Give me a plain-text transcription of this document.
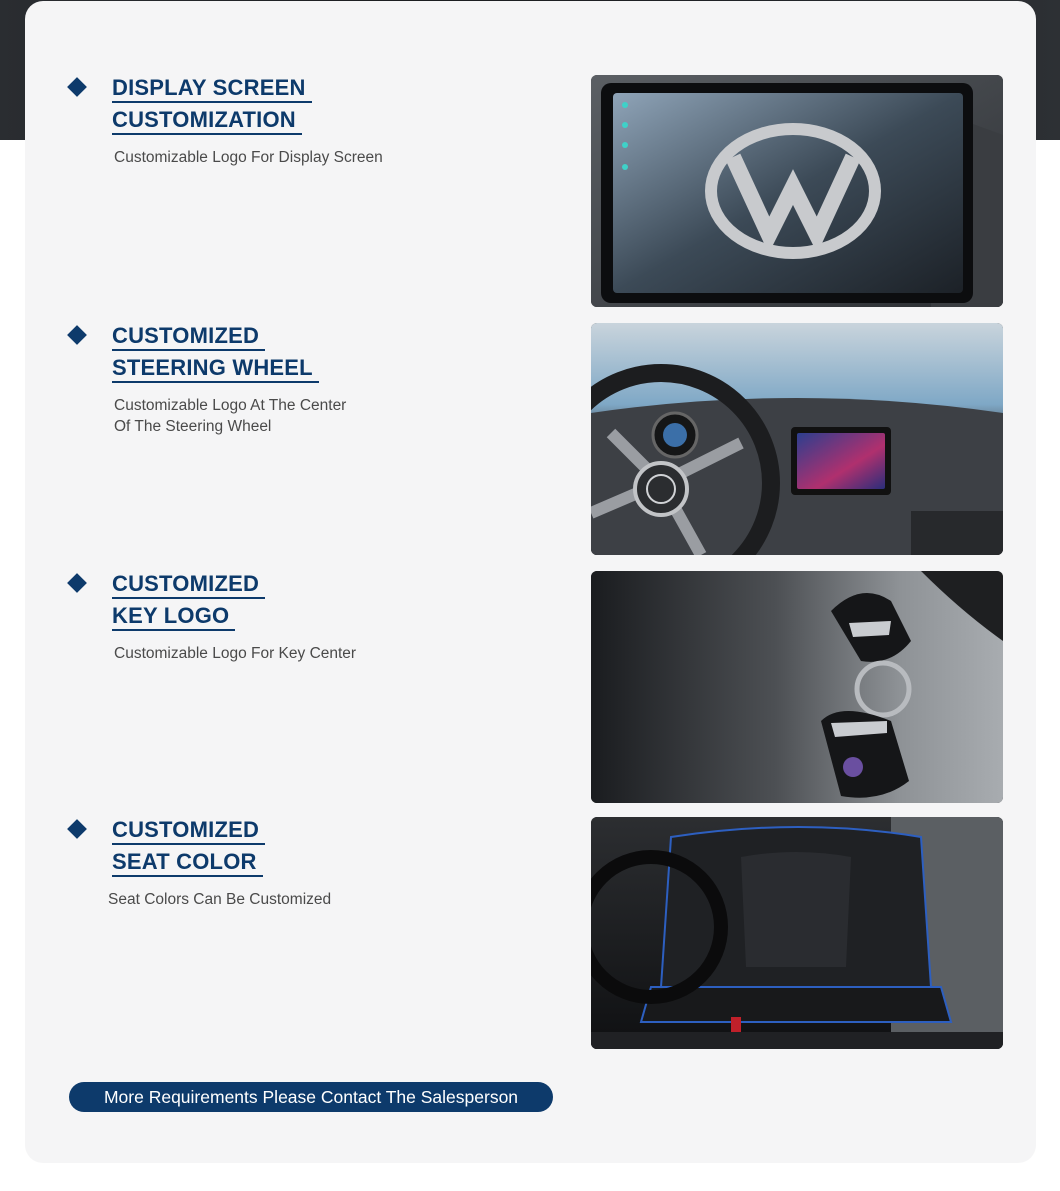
DISPLAY SCREEN
CUSTOMIZATION
Customizable Logo For Display Screen
CUSTOMIZED
STEERING WHEEL
Customizable Logo At The Center
Of The Steering Wheel
CUSTOMIZED
KEY LOGO
Customizable Logo For Key Center
CUSTOMIZED
SEAT COLOR
Seat Colors Can Be Customized
More Requirements Please Contact The Salesperson
